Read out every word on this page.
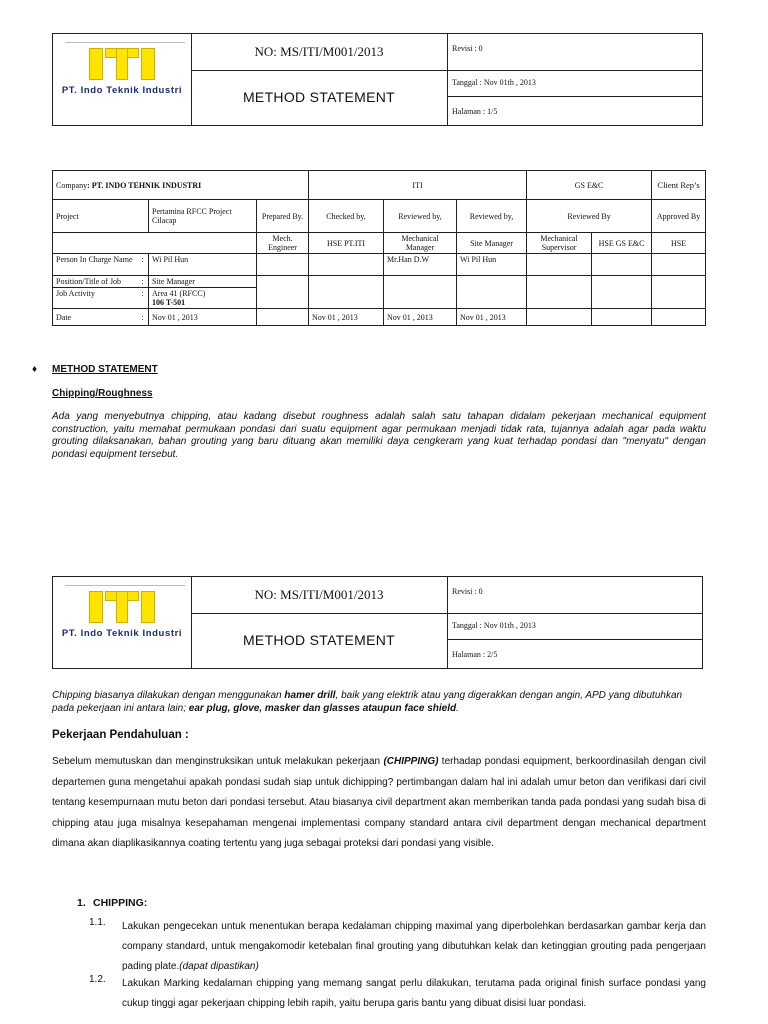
PT. Indo Teknik Industri
NO: MS/ITI/M001/2013
METHOD STATEMENT
Revisi : 0
Tanggal : Nov 01th , 2013
Halaman : 1/5
Company: PT. INDO TEHNIK INDUSTRI				ITI			GS E&C		Client Rep’s
Project		Pertamina RFCC Project Cilacap	Prepared By.	Checked by,	Reviewed by,	Reviewed by,	Reviewed By		Approved By
			Mech. Engineer	HSE PT.ITI	Mechanical Manager	Site Manager	Mechanical Supervisor	HSE GS E&C	HSE
Person In Charge Name	:	Wi Pil Hun			Mr.Han D.W	Wi Pil Hun			
Position/Title of Job	:	Site Manager							
Job Activity	:	Area 41 (RFCC)
106 T-501							
Date	:	Nov 01 , 2013		Nov 01 , 2013	Nov 01 , 2013	Nov 01 , 2013			
♦ METHOD STATEMENT
Chipping/Roughness
Ada yang menyebutnya chipping, atau kadang disebut roughness adalah salah satu tahapan didalam pekerjaan mechanical equipment construction, yaitu memahat permukaan pondasi dari suatu equipment agar permukaan menjadi tidak rata, tujannya adalah agar pada waktu grouting dilaksanakan, bahan grouting yang baru dituang akan memiliki daya cengkeram yang kuat terhadap pondasi dan "menyatu" dengan pondasi equipment tersebut.
PT. Indo Teknik Industri
NO: MS/ITI/M001/2013
METHOD STATEMENT
Revisi : 0
Tanggal : Nov 01th , 2013
Halaman : 2/5
Chipping biasanya dilakukan dengan menggunakan hamer drill, baik yang elektrik atau yang digerakkan dengan angin, APD yang dibutuhkan pada pekerjaan ini antara lain; ear plug, glove, masker dan glasses ataupun face shield.
Pekerjaan Pendahuluan :
Sebelum memutuskan dan menginstruksikan untuk melakukan pekerjaan (CHIPPING) terhadap pondasi equipment, berkoordinasilah dengan civil departemen guna mengetahui apakah pondasi sudah siap untuk dichipping? pertimbangan dalam hal ini adalah umur beton dan verifikasi dari civil tentang kesempurnaan mutu beton dari pondasi tersebut. Atau biasanya civil department akan memberikan tanda pada pondasi yang sudah bisa di chipping atau juga misalnya kesepahaman mengenai implementasi company standard antara civil department dengan mechanical department dimana akan diaplikasikannya coating tertentu yang juga sebagai proteksi dari pondasi yang visible.
1. CHIPPING:
1.1. Lakukan pengecekan untuk menentukan berapa kedalaman chipping maximal yang diperbolehkan berdasarkan gambar kerja dan company standard, untuk mengakomodir ketebalan final grouting yang dibutuhkan kelak dan ketinggian grouting pada pengerjaan pading plate.(dapat dipastikan)
1.2. Lakukan Marking kedalaman chipping yang memang sangat perlu dilakukan, terutama pada original finish surface pondasi yang cukup tinggi agar pekerjaan chipping lebih rapih, yaitu berupa garis bantu yang dibuat disisi luar pondasi.
